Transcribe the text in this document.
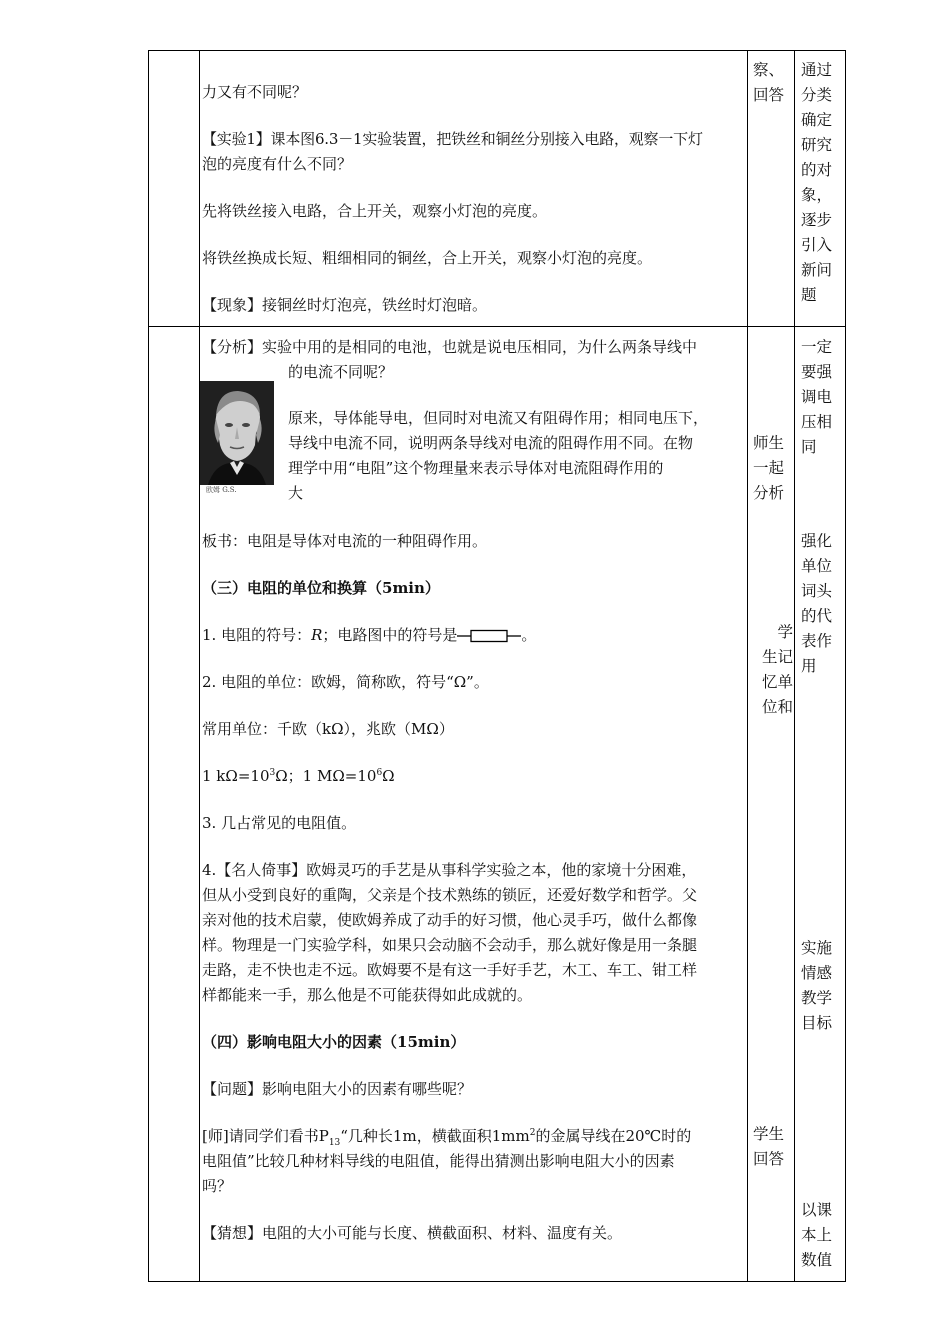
力又有不同呢？

【实验1】课本图6.3－1实验装置，把铁丝和铜丝分别接入电路，观察一下灯

泡的亮度有什么不同？

先将铁丝接入电路，合上开关，观察小灯泡的亮度。

将铁丝换成长短、粗细相同的铜丝，合上开关，观察小灯泡的亮度。

【现象】接铜丝时灯泡亮，铁丝时灯泡暗。

察、
回答
通过
分类
确定
研究
的对
象，
逐步
引入
新问
题

【分析】实验中用的是相同的电池，也就是说电压相同，为什么两条导线中

的电流不同呢？

欧姆 G.S.

原来，导体能导电，但同时对电流又有阻碍作用；相同电压下，

导线中电流不同，说明两条导线对电流的阻碍作用不同。在物

理学中用“电阻”这个物理量来表示导体对电流阻碍作用的

大

板书：电阻是导体对电流的一种阻碍作用。

（三）电阻的单位和换算（5min）

1. 电阻的符号：R；电路图中的符号是	。

2. 电阻的单位：欧姆，简称欧，符号“Ω”。

常用单位：千欧（kΩ），兆欧（MΩ）

1 $k\Omega=10^3\Omega$；1 $M\Omega=10^6\Omega$

3. 几占常见的电阻值。

4.【名人倚事】欧姆灵巧的手艺是从事科学实验之本，他的家境十分困难，

但从小受到良好的重陶，父亲是个技术熟练的锁匠，还爱好数学和哲学。父

亲对他的技术启蒙，使欧姆养成了动手的好习惯，他心灵手巧，做什么都像

样。物理是一门实验学科，如果只会动脑不会动手，那么就好像是用一条腿

走路，走不快也走不远。欧姆要不是有这一手好手艺，木工、车工、钳工样

样都能来一手，那么他是不可能获得如此成就的。

（四）影响电阻大小的因素（15min）

【问题】影响电阻大小的因素有哪些呢？

[师]请同学们看书$P_{13}“$几种长1m，横截面积$1mm^2$的金属导线在20℃时的

电阻值”比较几种材料导线的电阻值，能得出猜测出影响电阻大小的因素

吗？

【猜想】电阻的大小可能与长度、横截面积、材料、温度有关。

师生
一起
分析
学
生记
忆单
位和
学生
回答
一定
要强
调电
压相
同
强化
单位
词头
的代
表作
用
实施
情感
教学
目标
以课
本上
数值
